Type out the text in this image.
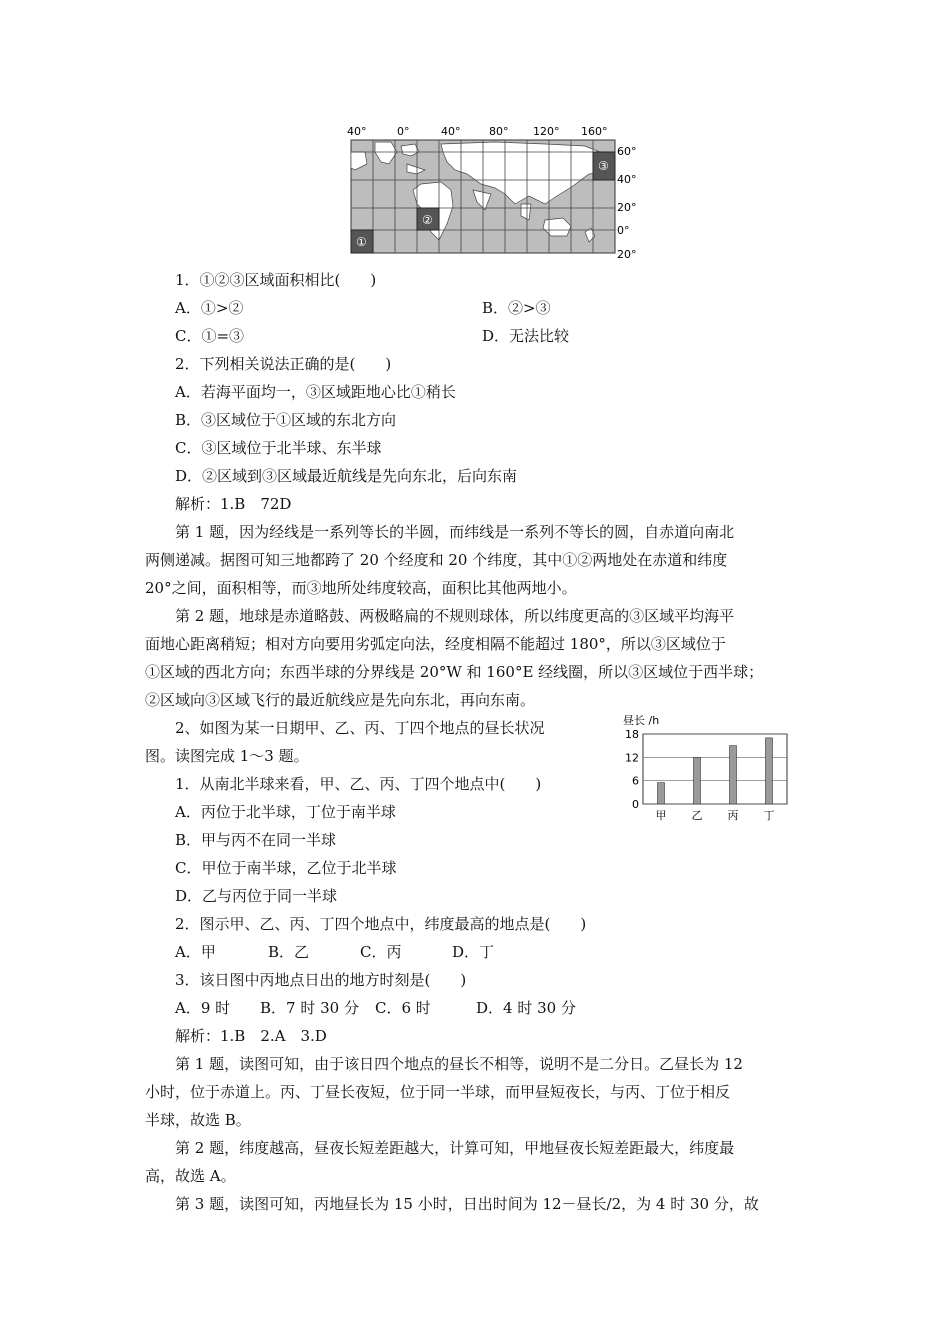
40°	0°	40°	80° 120° 160°
①
②
③
60°
40°
20°
0°
20°
1．①②③区域面积相比(　　)
A．①>②	B．②>③
C．①=③	D．无法比较
2．下列相关说法正确的是(　　)
A．若海平面均一，③区域距地心比①稍长
B．③区域位于①区域的东北方向
C．③区域位于北半球、东半球
D．②区域到③区域最近航线是先向东北，后向东南
解析：1.B　72D
第 1 题，因为经线是一系列等长的半圆，而纬线是一系列不等长的圆，自赤道向南北
两侧递减。据图可知三地都跨了 20 个经度和 20 个纬度，其中①②两地处在赤道和纬度
20°之间，面积相等，而③地所处纬度较高，面积比其他两地小。
第 2 题，地球是赤道略鼓、两极略扁的不规则球体，所以纬度更高的③区域平均海平
面地心距离稍短；相对方向要用劣弧定向法，经度相隔不能超过 180°，所以③区域位于
①区域的西北方向；东西半球的分界线是 20°W 和 160°E 经线圈，所以③区域位于西半球；
②区域向③区域飞行的最近航线应是先向东北，再向东南。
2、如图为某一日期甲、乙、丙、丁四个地点的昼长状况
图。读图完成 1～3 题。
1．从南北半球来看，甲、乙、丙、丁四个地点中(　　)
A．丙位于北半球，丁位于南半球
B．甲与丙不在同一半球
C．甲位于南半球，乙位于北半球
D．乙与丙位于同一半球
2．图示甲、乙、丙、丁四个地点中，纬度最高的地点是(　　)
A．甲	B．乙	C．丙	D．丁
3．该日图中丙地点日出的地方时刻是(　　)
A．9 时 B．7 时 30 分 C．6 时	D．4 时 30 分
解析：1.B　2.A　3.D
第 1 题，读图可知，由于该日四个地点的昼长不相等，说明不是二分日。乙昼长为 12
小时，位于赤道上。丙、丁昼长夜短，位于同一半球，而甲昼短夜长，与丙、丁位于相反
半球，故选 B。
第 2 题，纬度越高，昼夜长短差距越大，计算可知，甲地昼夜长短差距最大，纬度最
高，故选 A。
第 3 题，读图可知，丙地昼长为 15 小时，日出时间为 12－昼长/2，为 4 时 30 分，故
昼长 /h
甲 乙 丙 丁
0
6
12
18
